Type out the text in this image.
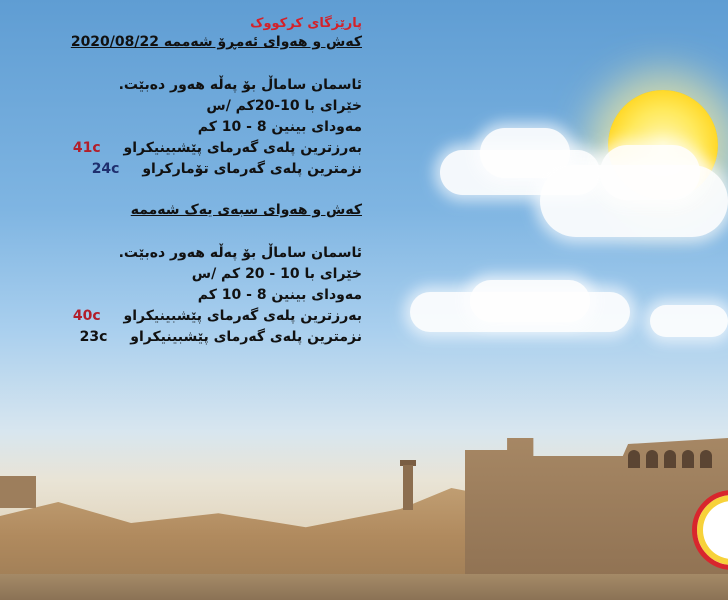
پارێزگای کرکووک
کەش و هەوای ئەمڕۆ شەممە 2020/08/22
ئاسمان ساماڵ بۆ پەڵە هەور دەبێت.
خێرای با 10-20کم /س
مەودای بینین 8 - 10 کم
بەرزترین پلەی گەرمای پێشبینیکراو 41c
نزمترین پلەی گەرمای تۆمارکراو 24c
کەش و هەوای سبەی یەک شەممە
ئاسمان ساماڵ بۆ پەڵە هەور دەبێت.
خێرای با 10 - 20 کم /س
مەودای بینین 8 - 10 کم
بەرزترین پلەی گەرمای پێشبینیکراو 40c
نزمترین پلەی گەرمای پێشبینیکراو 23c
